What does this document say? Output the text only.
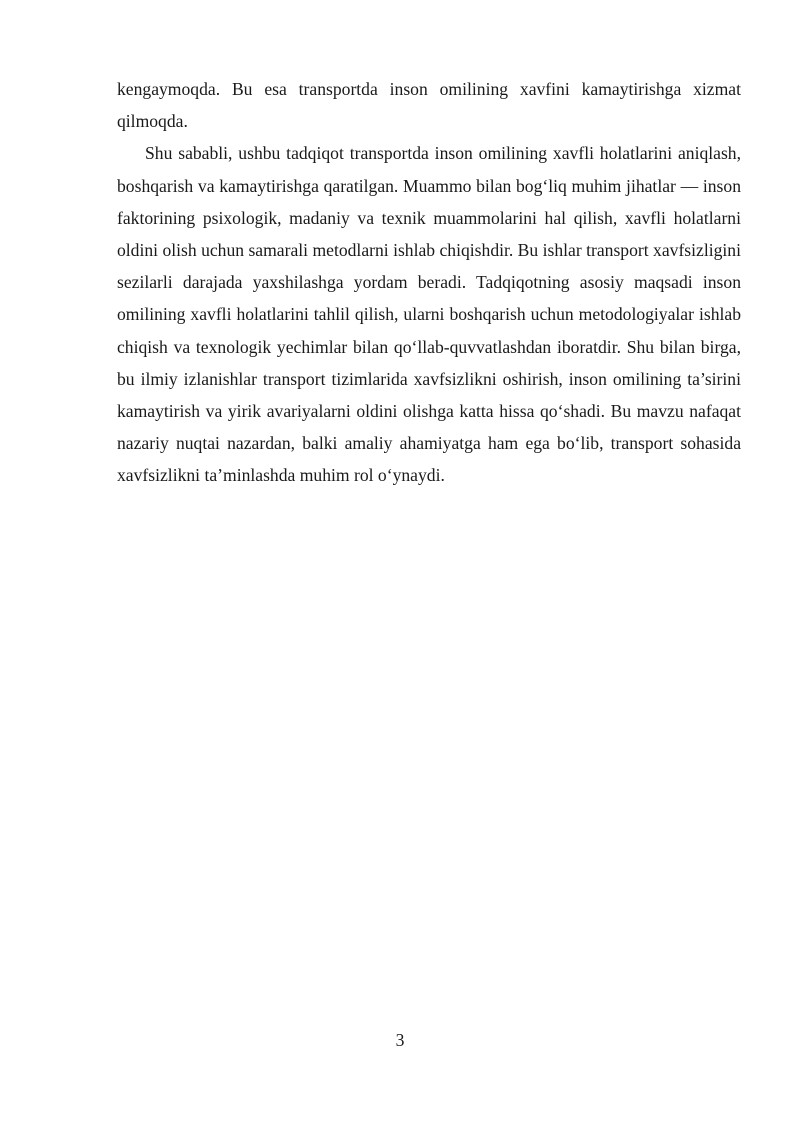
kengaymoqda. Bu esa transportda inson omilining xavfini kamaytirishga xizmat qilmoqda.

Shu sababli, ushbu tadqiqot transportda inson omilining xavfli holatlarini aniqlash, boshqarish va kamaytirishga qaratilgan. Muammo bilan bog‘liq muhim jihatlar — inson faktorining psixologik, madaniy va texnik muammolarini hal qilish, xavfli holatlarni oldini olish uchun samarali metodlarni ishlab chiqishdir. Bu ishlar transport xavfsizligini sezilarli darajada yaxshilashga yordam beradi. Tadqiqotning asosiy maqsadi inson omilining xavfli holatlarini tahlil qilish, ularni boshqarish uchun metodologiyalar ishlab chiqish va texnologik yechimlar bilan qo‘llab-quvvatlashdan iboratdir. Shu bilan birga, bu ilmiy izlanishlar transport tizimlarida xavfsizlikni oshirish, inson omilining ta’sirini kamaytirish va yirik avariyalarni oldini olishga katta hissa qo‘shadi. Bu mavzu nafaqat nazariy nuqtai nazardan, balki amaliy ahamiyatga ham ega bo‘lib, transport sohasida xavfsizlikni ta’minlashda muhim rol o‘ynaydi.

3
